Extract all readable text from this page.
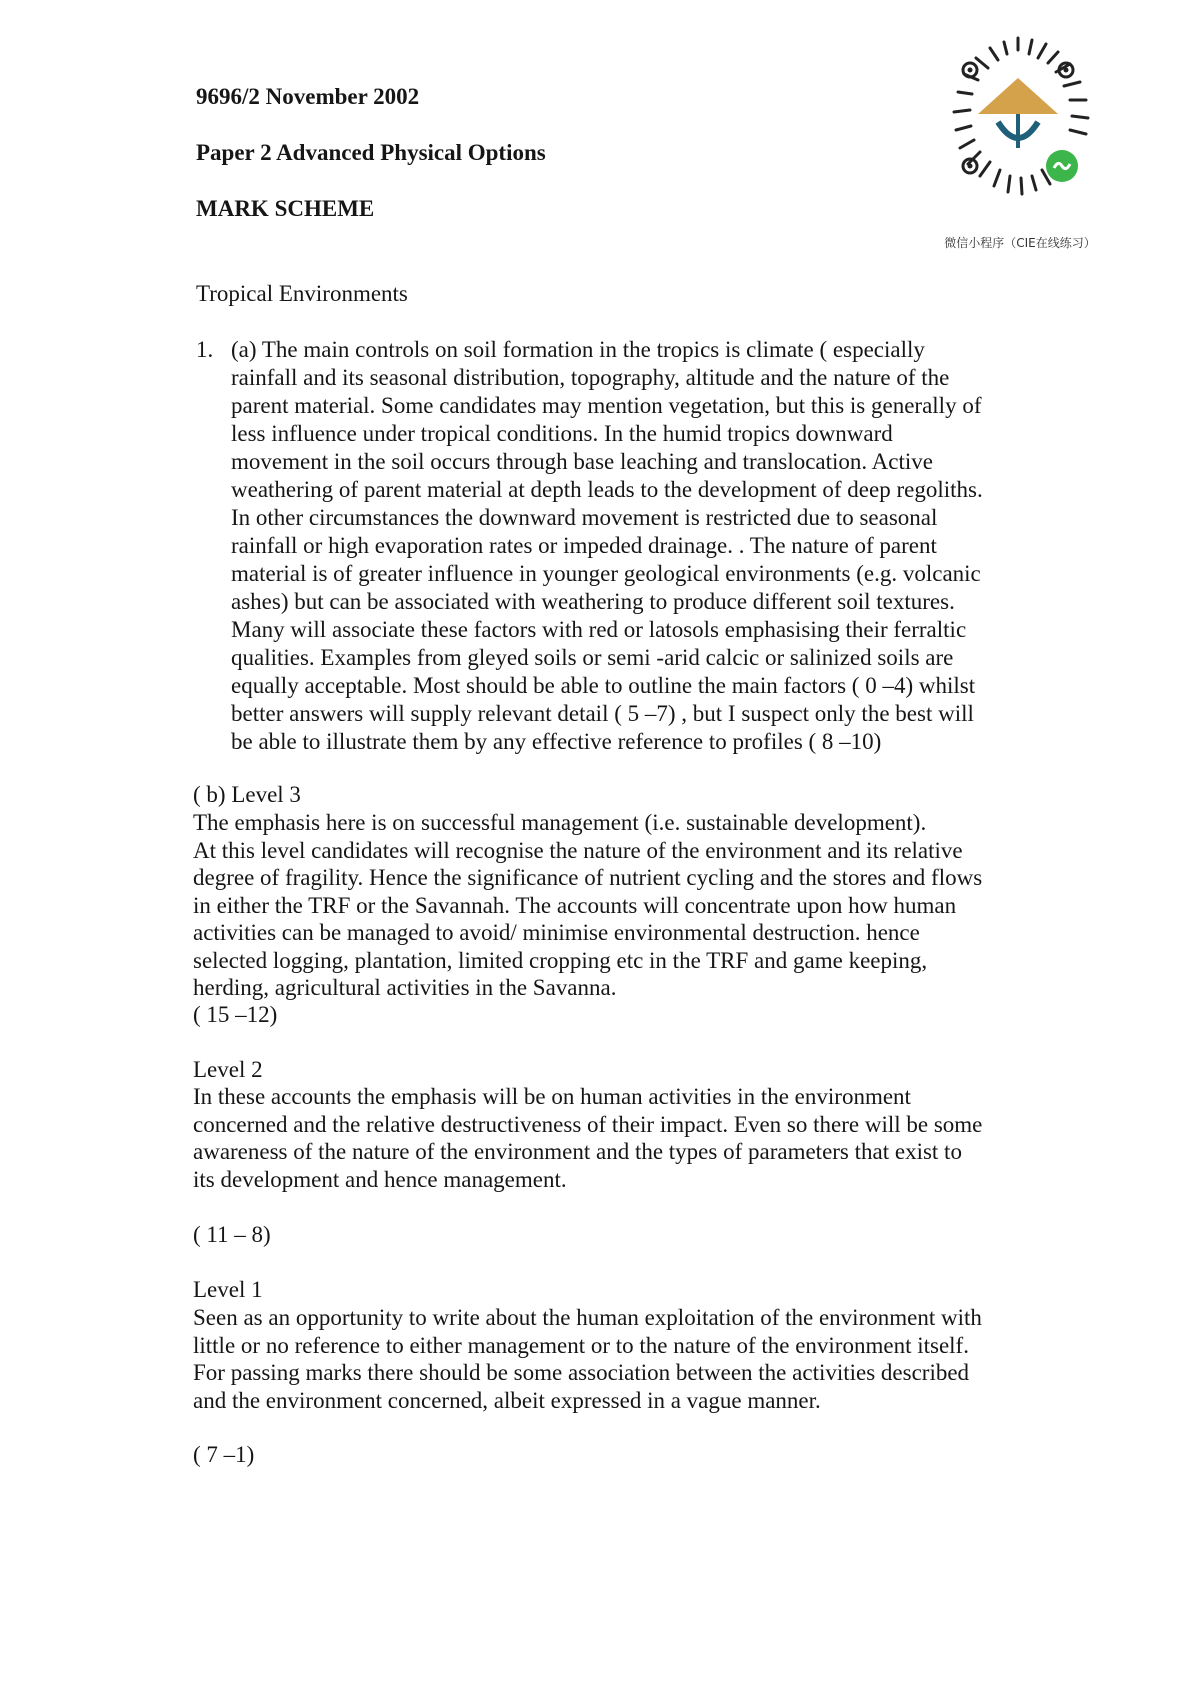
9696/2 November 2002
Paper 2 Advanced Physical Options
MARK SCHEME
微信小程序（CIE在线练习）
Tropical Environments
1. (a) The main controls on soil formation in the tropics is climate ( especially
rainfall and its seasonal distribution, topography, altitude and the nature of the
parent material. Some candidates may mention vegetation, but this is generally of
less influence under tropical conditions. In the humid tropics downward
movement in the soil occurs through base leaching and translocation. Active
weathering of parent material at depth leads to the development of deep regoliths.
In other circumstances the downward movement is restricted due to seasonal
rainfall or high evaporation rates or impeded drainage. . The nature of parent
material is of greater influence in younger geological environments (e.g. volcanic
ashes) but can be associated with weathering to produce different soil textures.
Many will associate these factors with red or latosols emphasising their ferraltic
qualities. Examples from gleyed soils or semi -arid calcic or salinized soils are
equally acceptable. Most should be able to outline the main factors ( 0 –4) whilst
better answers will supply relevant detail ( 5 –7) , but I suspect only the best will
be able to illustrate them by any effective reference to profiles ( 8 –10)
( b) Level 3
The emphasis here is on successful management (i.e. sustainable development).
At this level candidates will recognise the nature of the environment and its relative
degree of fragility. Hence the significance of nutrient cycling and the stores and flows
in either the TRF or the Savannah. The accounts will concentrate upon how human
activities can be managed to avoid/ minimise environmental destruction. hence
selected logging, plantation, limited cropping etc in the TRF and game keeping,
herding, agricultural activities in the Savanna.
( 15 –12)
Level 2
In these accounts the emphasis will be on human activities in the environment
concerned and the relative destructiveness of their impact. Even so there will be some
awareness of the nature of the environment and the types of parameters that exist to
its development and hence management.
( 11 – 8)
Level 1
Seen as an opportunity to write about the human exploitation of the environment with
little or no reference to either management or to the nature of the environment itself.
For passing marks there should be some association between the activities described
and the environment concerned, albeit expressed in a vague manner.
( 7 –1)
